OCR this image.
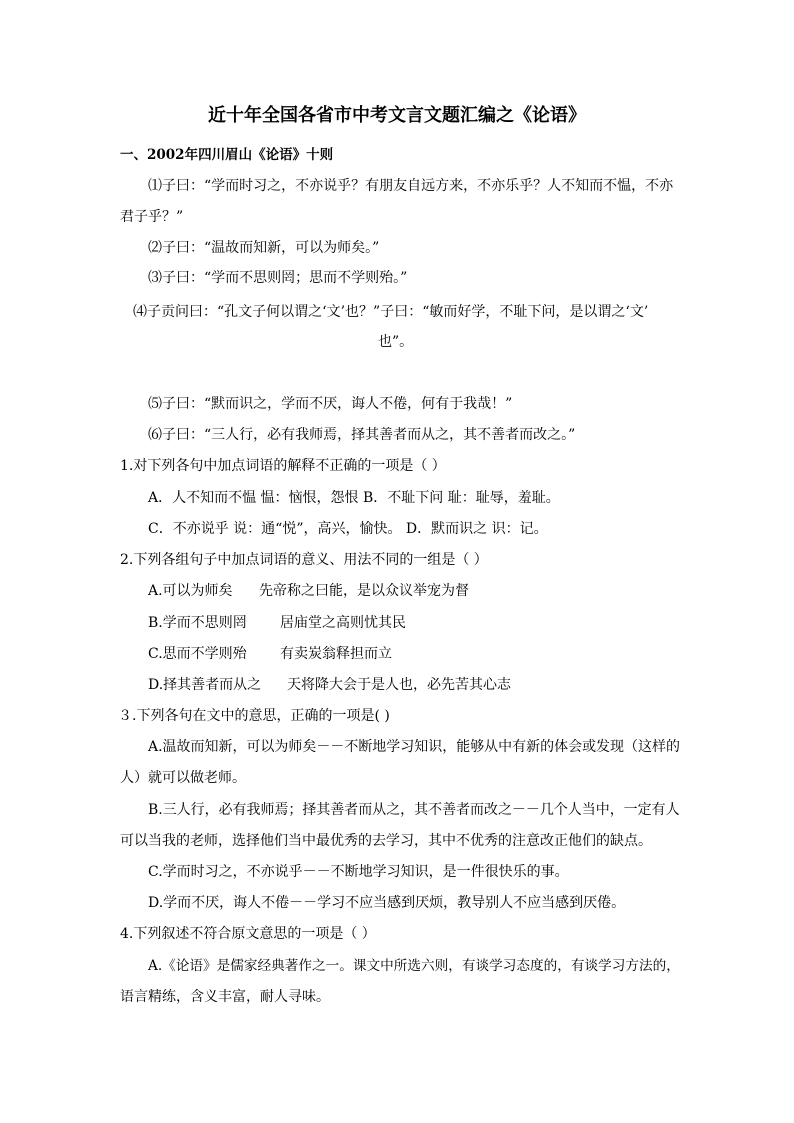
近十年全国各省市中考文言文题汇编之《论语》
一、2002年四川眉山《论语》十则
⑴子曰：“学而时习之，不亦说乎？有朋友自远方来，不亦乐乎？人不知而不愠，不亦
君子乎？”
⑵子曰：“温故而知新，可以为师矣。”
⑶子曰：“学而不思则罔；思而不学则殆。”
⑷子贡问曰：“孔文子何以谓之‘文’也？”子曰：“敏而好学，不耻下问，是以谓之‘文’
也”。
⑸子曰：“默而识之，学而不厌，诲人不倦，何有于我哉！”
⑹子曰：“三人行，必有我师焉，择其善者而从之，其不善者而改之。”
1.对下列各句中加点词语的解释不正确的一项是（ ）
A．人不知而不愠 愠：恼恨，怨恨 B．不耻下问 耻：耻辱，羞耻。
C．不亦说乎 说：通“悦”，高兴，愉快。 D．默而识之 识：记。
2.下列各组句子中加点词语的意义、用法不同的一组是（ ）
A.可以为师矣 先帝称之曰能，是以众议举宠为督
B.学而不思则罔 居庙堂之高则忧其民
C.思而不学则殆 有卖炭翁释担而立
D.择其善者而从之 天将降大会于是人也，必先苦其心志
３.下列各句在文中的意思，正确的一项是( )
A.温故而知新，可以为师矣－－不断地学习知识，能够从中有新的体会或发现（这样的
人）就可以做老师。
B.三人行，必有我师焉；择其善者而从之，其不善者而改之－－几个人当中，一定有人
可以当我的老师，选择他们当中最优秀的去学习，其中不优秀的注意改正他们的缺点。
C.学而时习之，不亦说乎－－不断地学习知识，是一件很快乐的事。
D.学而不厌，诲人不倦－－学习不应当感到厌烦，教导别人不应当感到厌倦。
4.下列叙述不符合原文意思的一项是（ ）
A.《论语》是儒家经典著作之一。课文中所选六则，有谈学习态度的，有谈学习方法的，
语言精练，含义丰富，耐人寻味。
